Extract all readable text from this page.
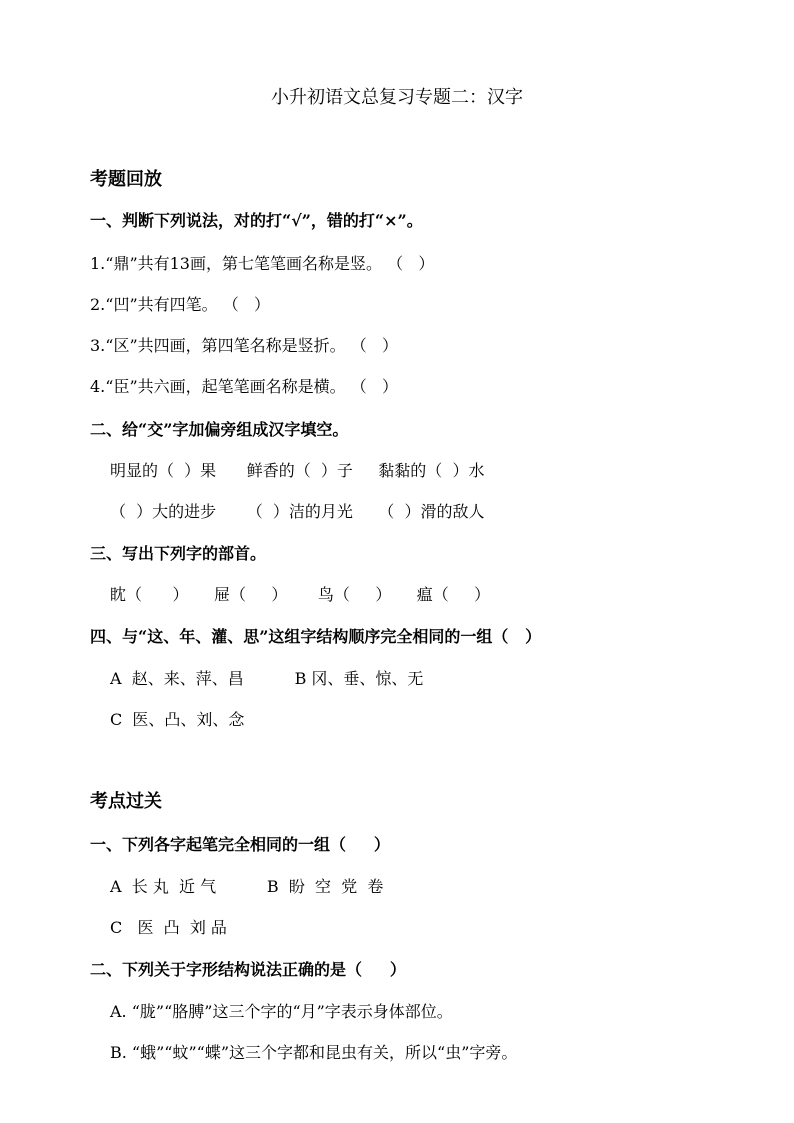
小升初语文总复习专题二：汉字
考题回放
一、判断下列说法，对的打“√”，错的打“×”。
1.“鼎”共有13画，第七笔笔画名称是竖。 （   ）
2.“凹”共有四笔。 （   ）
3.“区”共四画，第四笔名称是竖折。 （   ）
4.“臣”共六画，起笔笔画名称是横。 （   ）
二、给“交”字加偏旁组成汉字填空。
明显的（  ）果      鲜香的（  ）子     黏黏的（  ）水
（  ）大的进步      （  ）洁的月光     （  ）滑的敌人
三、写出下列字的部首。
眈（      ）     屉（     ）      鸟（     ）     瘟（     ）
四、与“这、年、灌、思”这组字结构顺序完全相同的一组（   ）
A  赵、来、萍、昌          B 冈、垂、惊、无
C  医、凸、刘、念
考点过关
一、下列各字起笔完全相同的一组（     ）
A  长 丸  近 气          B  盼  空  党  卷
C   医  凸  刘 品
二、下列关于字形结构说法正确的是（     ）
A. “胧”“胳膊”这三个字的“月”字表示身体部位。
B. “蛾”“蚊”“蝶”这三个字都和昆虫有关，所以“虫”字旁。
